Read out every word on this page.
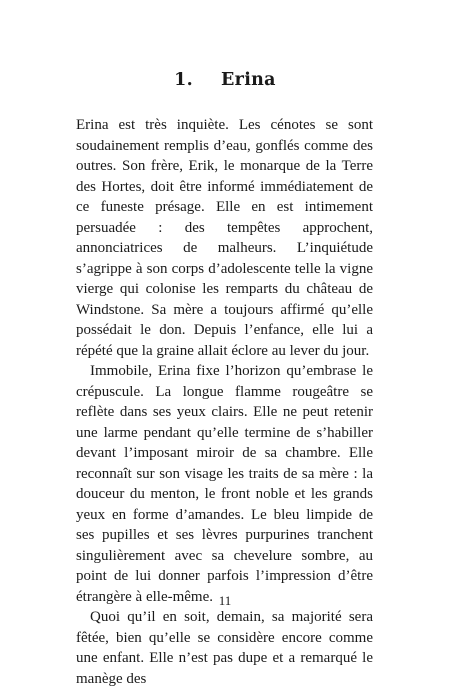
1. Erina

Erina est très inquiète. Les cénotes se sont soudainement remplis d’eau, gonflés comme des outres. Son frère, Erik, le monarque de la Terre des Hortes, doit être informé immédiatement de ce funeste présage. Elle en est intimement persuadée : des tempêtes approchent, annonciatrices de malheurs. L’inquiétude s’agrippe à son corps d’adolescente telle la vigne vierge qui colonise les remparts du château de Windstone. Sa mère a toujours affirmé qu’elle possédait le don. Depuis l’enfance, elle lui a répété que la graine allait éclore au lever du jour.

Immobile, Erina fixe l’horizon qu’embrase le crépuscule. La longue flamme rougeâtre se reflète dans ses yeux clairs. Elle ne peut retenir une larme pendant qu’elle termine de s’habiller devant l’imposant miroir de sa chambre. Elle reconnaît sur son visage les traits de sa mère : la douceur du menton, le front noble et les grands yeux en forme d’amandes. Le bleu limpide de ses pupilles et ses lèvres purpurines tranchent singulièrement avec sa chevelure sombre, au point de lui donner parfois l’impression d’être étrangère à elle-même.

Quoi qu’il en soit, demain, sa majorité sera fêtée, bien qu’elle se considère encore comme une enfant. Elle n’est pas dupe et a remarqué le manège des

11
